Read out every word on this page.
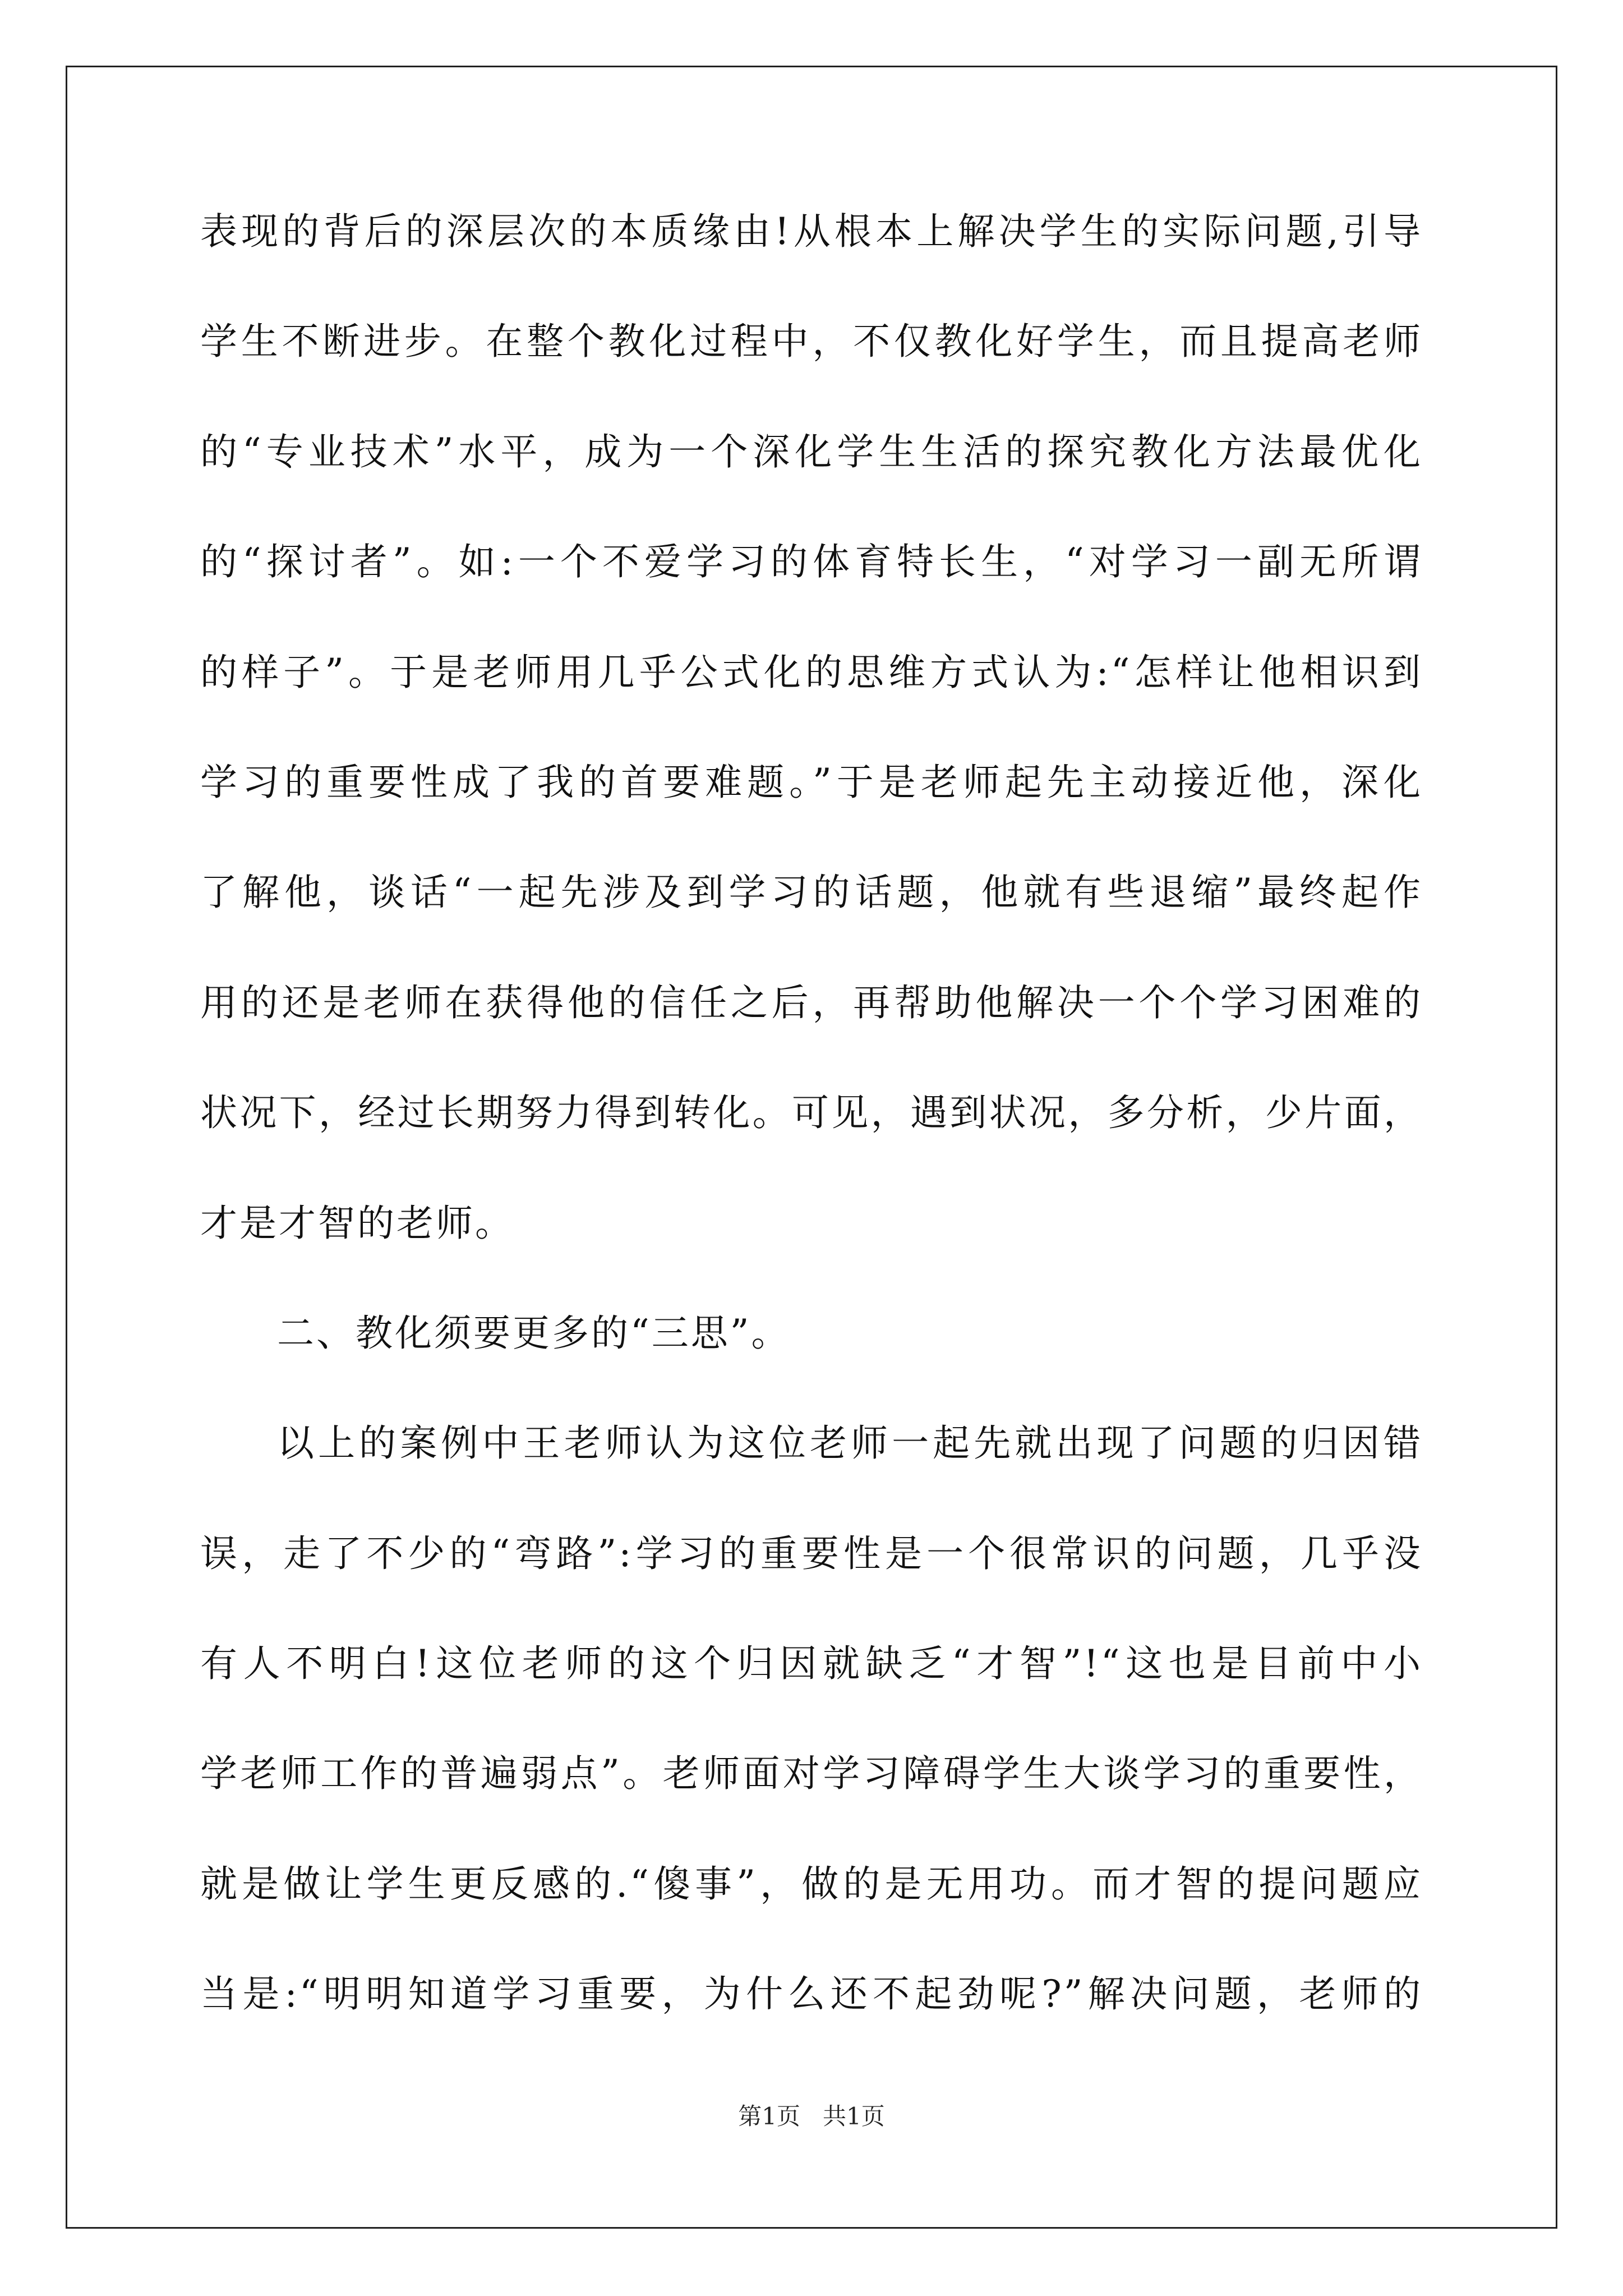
表现的背后的深层次的本质缘由!从根本上解决学生的实际问题,引导
学生不断进步。在整个教化过程中，不仅教化好学生，而且提高老师
的“专业技术”水平，成为一个深化学生生活的探究教化方法最优化
的“探讨者”。如:一个不爱学习的体育特长生，“对学习一副无所谓
的样子”。于是老师用几乎公式化的思维方式认为:“怎样让他相识到
学习的重要性成了我的首要难题。”于是老师起先主动接近他，深化
了解他，谈话“一起先涉及到学习的话题，他就有些退缩”最终起作
用的还是老师在获得他的信任之后，再帮助他解决一个个学习困难的
状况下，经过长期努力得到转化。可见，遇到状况，多分析，少片面，
才是才智的老师。
二、教化须要更多的“三思”。
以上的案例中王老师认为这位老师一起先就出现了问题的归因错
误，走了不少的“弯路”:学习的重要性是一个很常识的问题，几乎没
有人不明白!这位老师的这个归因就缺乏“才智”!“这也是目前中小
学老师工作的普遍弱点”。老师面对学习障碍学生大谈学习的重要性，
就是做让学生更反感的.“傻事”，做的是无用功。而才智的提问题应
当是:“明明知道学习重要，为什么还不起劲呢?”解决问题，老师的
第1页   共1页
